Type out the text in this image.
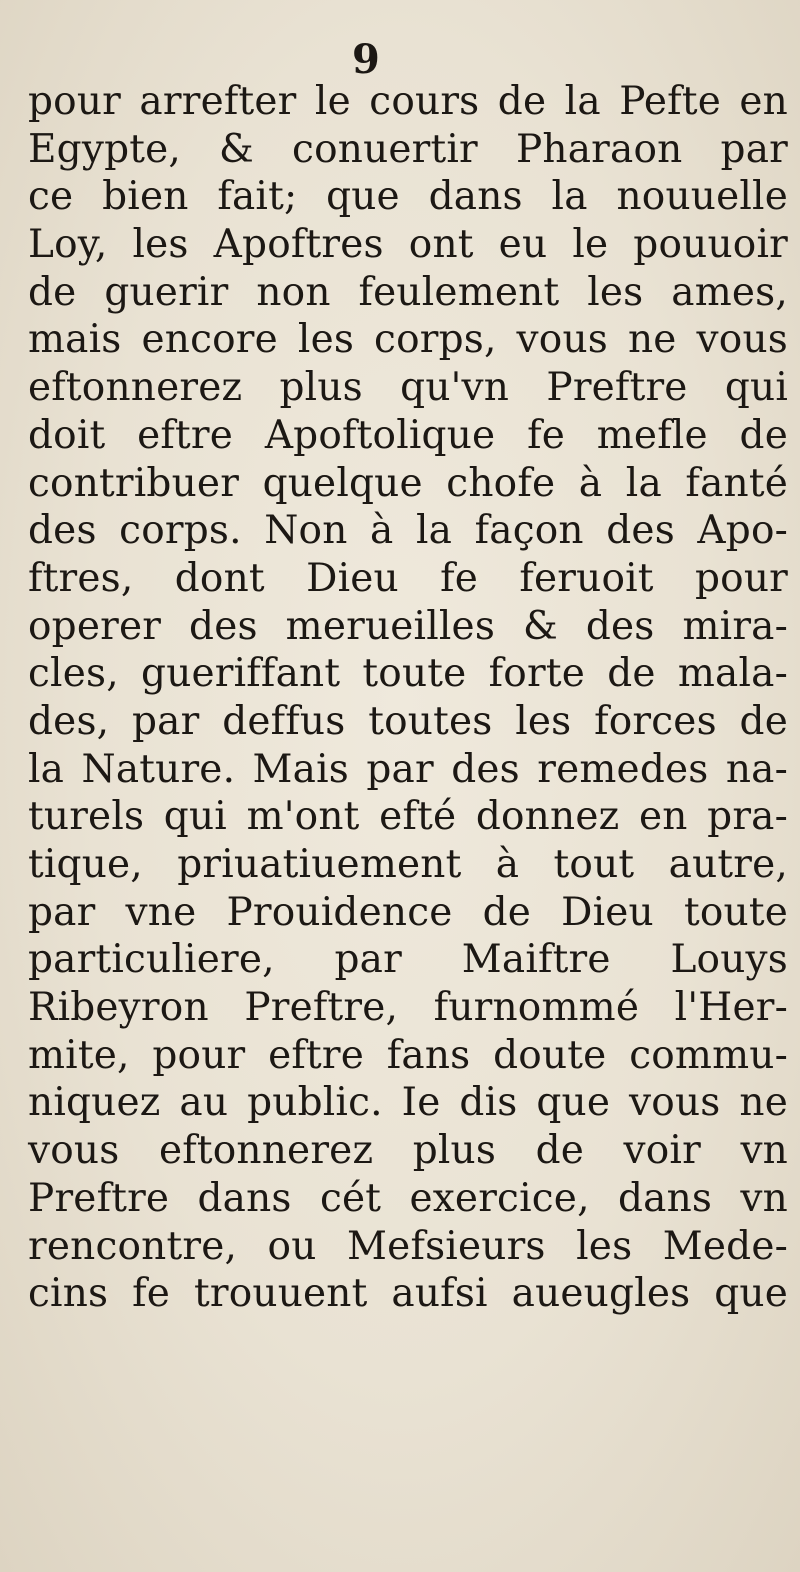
9
pour arrefter le cours de la Pefte en
Egypte, & conuertir Pharaon par
ce bien fait; que dans la nouuelle
Loy, les Apoftres ont eu le pouuoir
de guerir non feulement les ames,
mais encore les corps, vous ne vous
eftonnerez plus qu'vn Preftre qui
doit eftre Apoftolique fe mefle de
contribuer quelque chofe à la fanté
des corps. Non à la façon des Apo-
ftres, dont Dieu fe feruoit pour
operer des merueilles & des mira-
cles, gueriffant toute forte de mala-
des, par deffus toutes les forces de
la Nature. Mais par des remedes na-
turels qui m'ont efté donnez en pra-
tique, priuatiuement à tout autre,
par vne Prouidence de Dieu toute
particuliere, par Maiftre Louys
Ribeyron Preftre, furnommé l'Her-
mite, pour eftre fans doute commu-
niquez au public. Ie dis que vous ne
vous eftonnerez plus de voir vn
Preftre dans cét exercice, dans vn
rencontre, ou Mefsieurs les Mede-
cins fe trouuent aufsi aueugles que
